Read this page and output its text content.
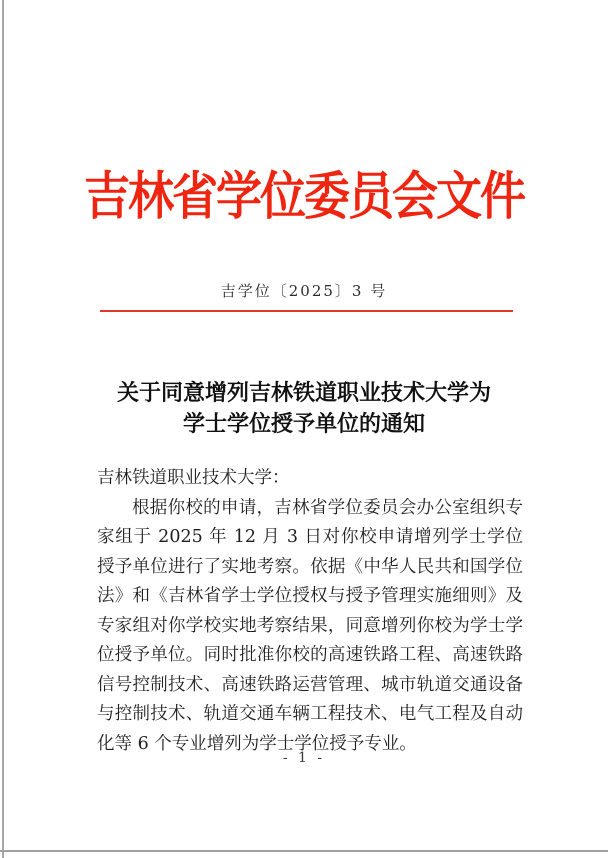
吉林省学位委员会文件
吉学位〔2025〕3 号
关于同意增列吉林铁道职业技术大学为
学士学位授予单位的通知
吉林铁道职业技术大学：
根据你校的申请，吉林省学位委员会办公室组织专家组于 2025 年 12 月 3 日对你校申请增列学士学位授予单位进行了实地考察。依据《中华人民共和国学位法》和《吉林省学士学位授权与授予管理实施细则》及专家组对你学校实地考察结果，同意增列你校为学士学位授予单位。同时批准你校的高速铁路工程、高速铁路信号控制技术、高速铁路运营管理、城市轨道交通设备与控制技术、轨道交通车辆工程技术、电气工程及自动化等 6 个专业增列为学士学位授予专业。
- 1 -
